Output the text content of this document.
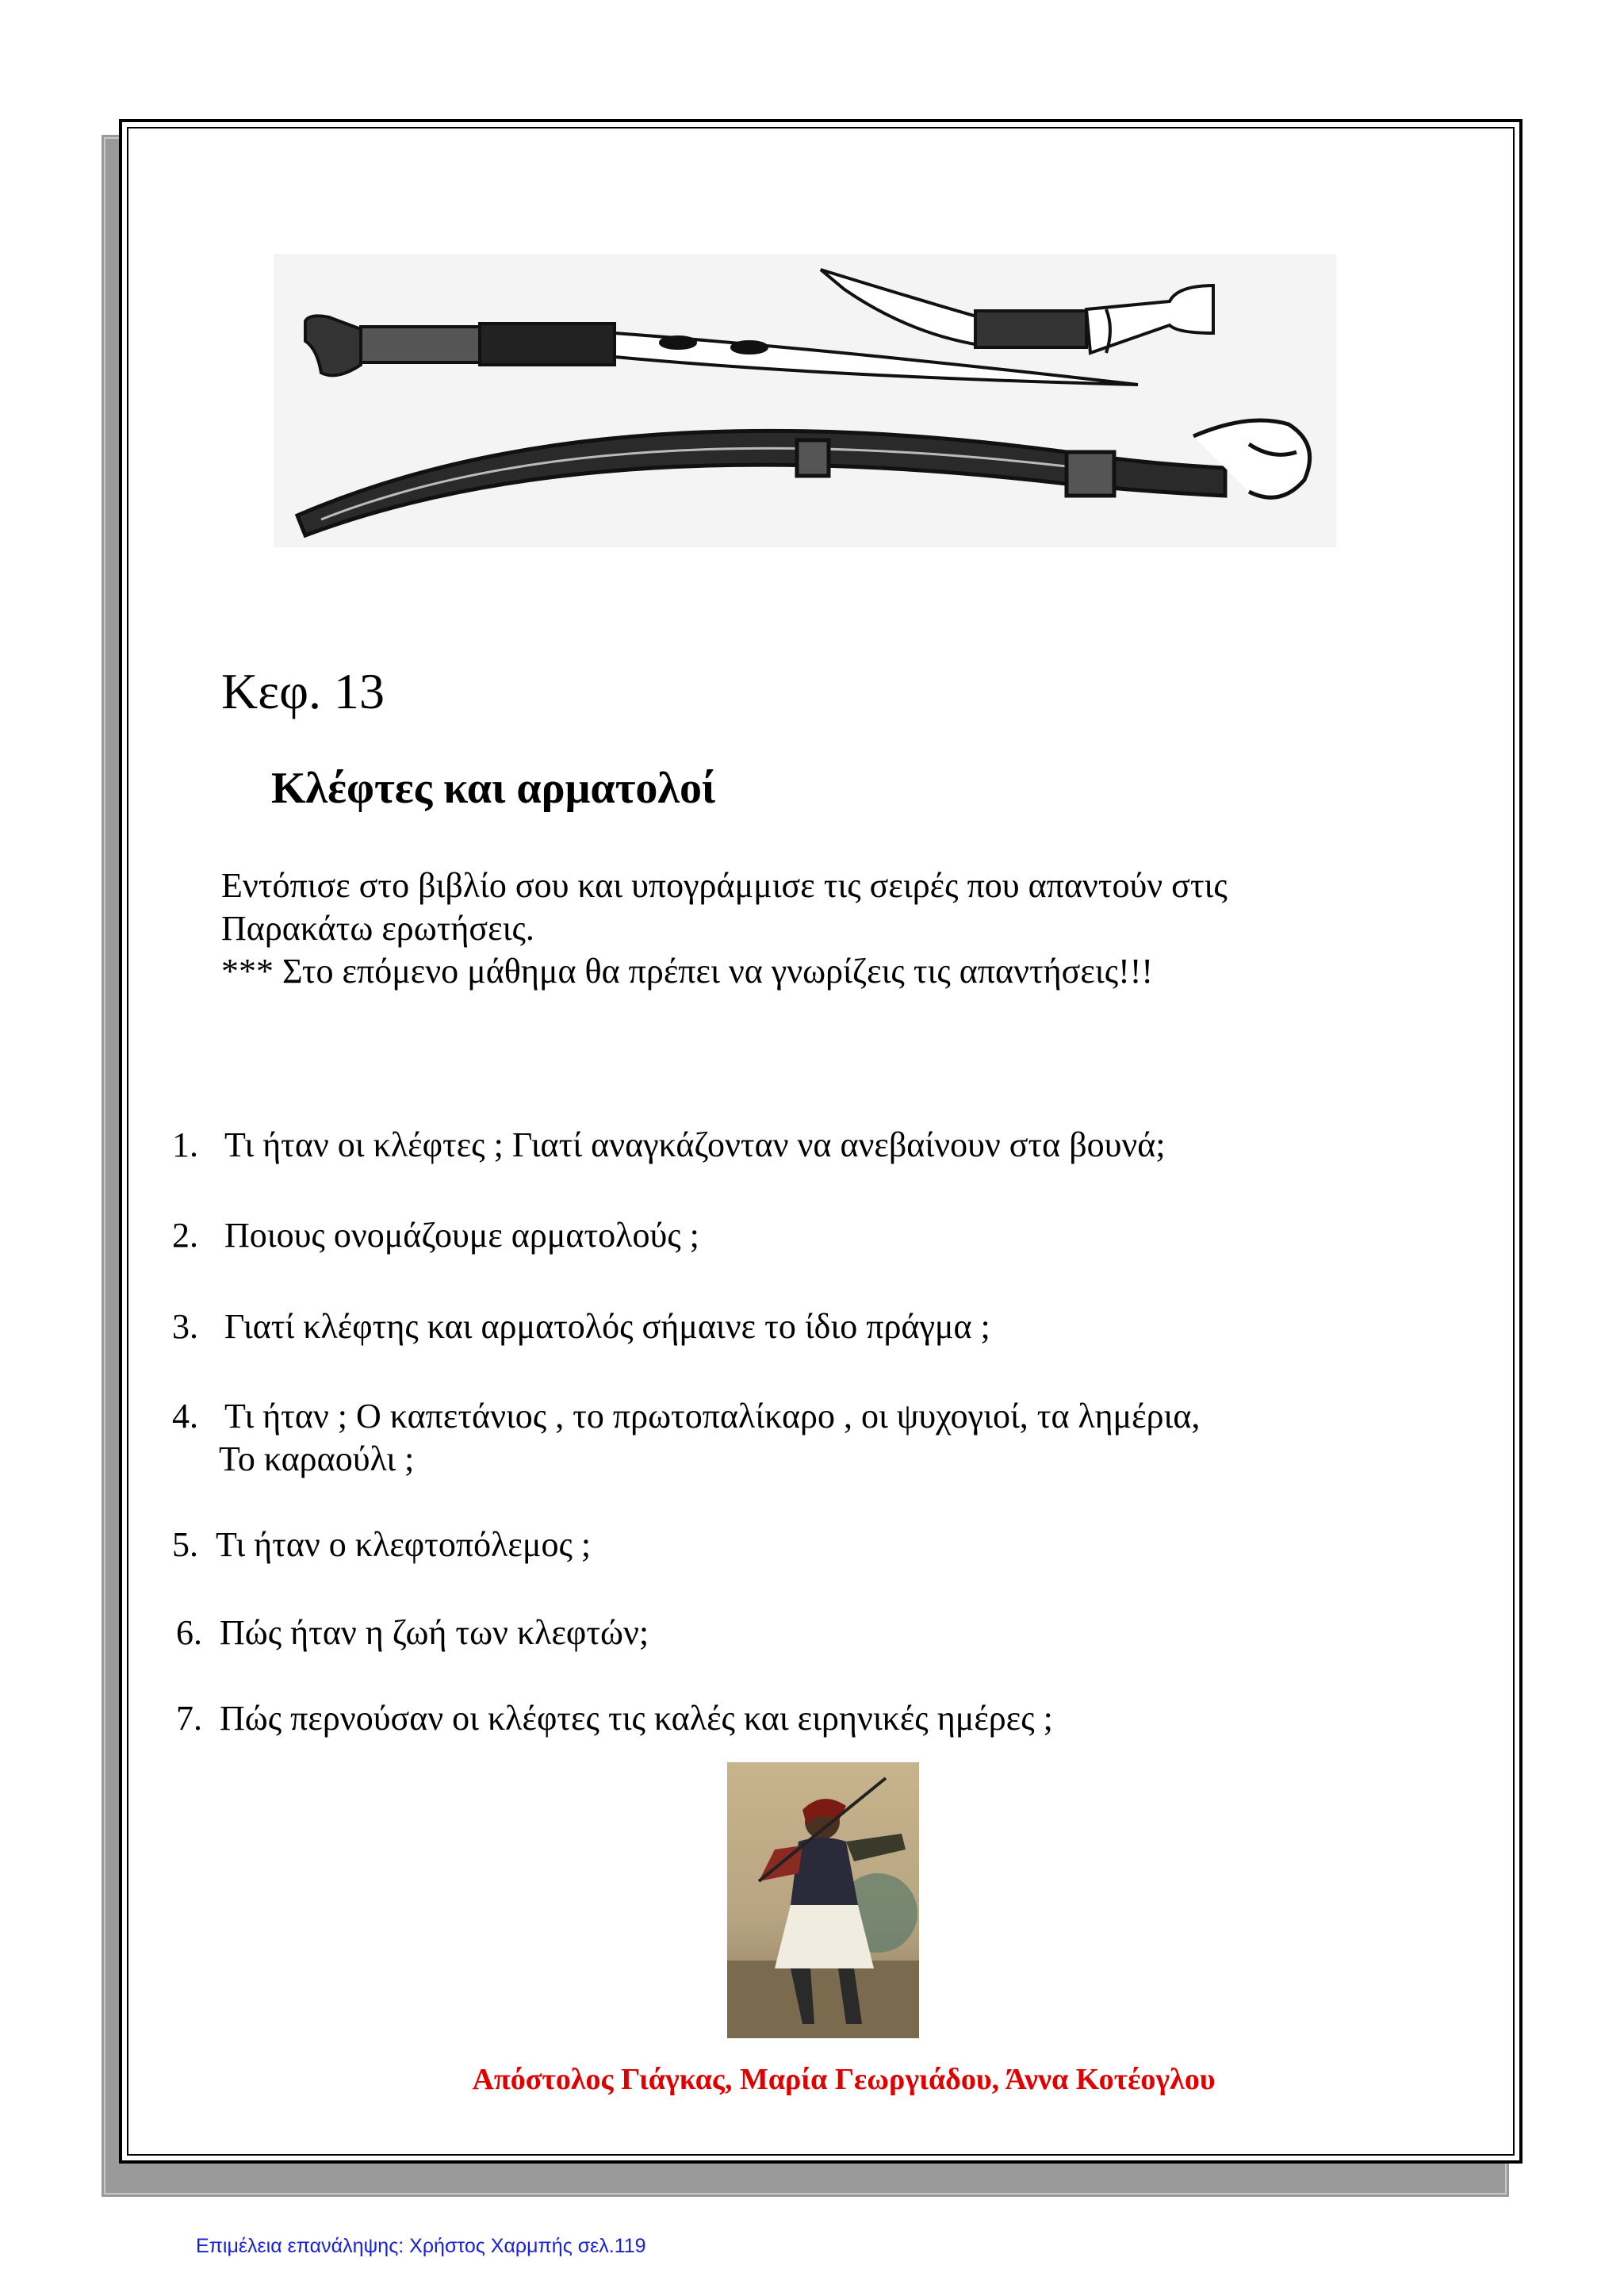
Κεφ. 13
Κλέφτες και αρματολοί
Εντόπισε στο βιβλίο σου και υπογράμμισε τις σειρές που απαντούν στις
Παρακάτω ερωτήσεις.
*** Στο επόμενο μάθημα θα πρέπει να γνωρίζεις τις απαντήσεις!!!
1. Τι ήταν οι κλέφτες ; Γιατί αναγκάζονταν να ανεβαίνουν στα βουνά;
2. Ποιους ονομάζουμε αρματολούς ;
3. Γιατί κλέφτης και αρματολός σήμαινε το ίδιο πράγμα ;
4. Τι ήταν ; Ο καπετάνιος , το πρωτοπαλίκαρο , οι ψυχογιοί, τα λημέρια,
Το καραούλι ;
5. Τι ήταν ο κλεφτοπόλεμος ;
6. Πώς ήταν η ζωή των κλεφτών;
7. Πώς περνούσαν οι κλέφτες τις καλές και ειρηνικές ημέρες ;
Απόστολος Γιάγκας, Μαρία Γεωργιάδου, Άννα Κοτέογλου
Επιμέλεια επανάληψης: Χρήστος Χαρμπής σελ.119
